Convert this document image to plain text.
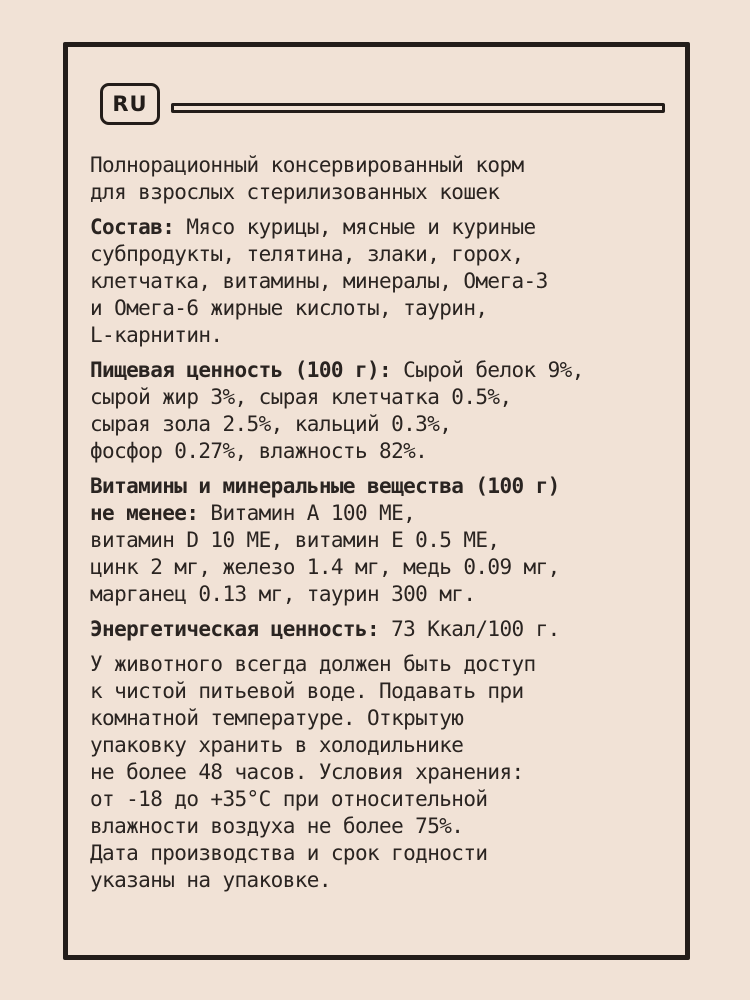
RU
Полнорационный консервированный корм
для взрослых стерилизованных кошек
Состав: Мясо курицы, мясные и куриные
субпродукты, телятина, злаки, горох,
клетчатка, витамины, минералы, Омега-3
и Омега-6 жирные кислоты, таурин,
L-карнитин.
Пищевая ценность (100 г): Сырой белок 9%,
сырой жир 3%, сырая клетчатка 0.5%,
сырая зола 2.5%, кальций 0.3%,
фосфор 0.27%, влажность 82%.
Витамины и минеральные вещества (100 г)
не менее: Витамин А 100 МЕ,
витамин D 10 МЕ, витамин Е 0.5 МЕ,
цинк 2 мг, железо 1.4 мг, медь 0.09 мг,
марганец 0.13 мг, таурин 300 мг.
Энергетическая ценность: 73 Ккал/100 г.
У животного всегда должен быть доступ
к чистой питьевой воде. Подавать при
комнатной температуре. Открытую
упаковку хранить в холодильнике
не более 48 часов. Условия хранения:
от -18 до +35°С при относительной
влажности воздуха не более 75%.
Дата производства и срок годности
указаны на упаковке.
